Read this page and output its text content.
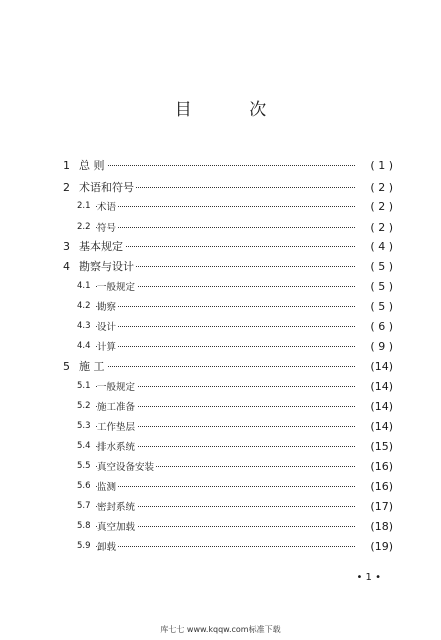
目 次
1 总 则	( 1 )
2 术语和符号	( 2 )
2.1 术语	( 2 )
2.2 符号	( 2 )
3 基本规定	( 4 )
4 勘察与设计	( 5 )
4.1 一般规定	( 5 )
4.2 勘察	( 5 )
4.3 设计	( 6 )
4.4 计算	( 9 )
5 施 工	(14)
5.1 一般规定	(14)
5.2 施工准备	(14)
5.3 工作垫层	(14)
5.4 排水系统	(15)
5.5 真空设备安装	(16)
5.6 监测	(16)
5.7 密封系统	(17)
5.8 真空加载	(18)
5.9 卸载	(19)
• 1 •
库七七 www.kqqw.com标准下载
